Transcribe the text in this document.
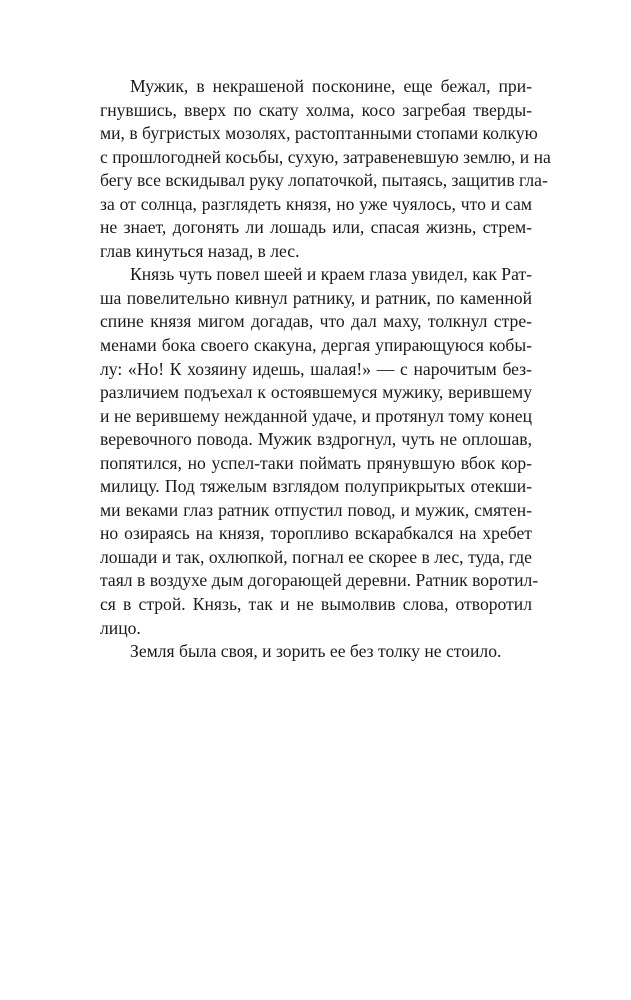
Мужик, в некрашеной посконине, еще бежал, при-
гнувшись, вверх по скату холма, косо загребая тверды-
ми, в бугристых мозолях, растоптанными стопами колкую
с прошлогодней косьбы, сухую, затравеневшую землю, и на
бегу все вскидывал руку лопаточкой, пытаясь, защитив гла-
за от солнца, разглядеть князя, но уже чуялось, что и сам
не знает, догонять ли лошадь или, спасая жизнь, стрем-
глав кинуться назад, в лес.
Князь чуть повел шеей и краем глаза увидел, как Рат-
ша повелительно кивнул ратнику, и ратник, по каменной
спине князя мигом догадав, что дал маху, толкнул стре-
менами бока своего скакуна, дергая упирающуюся кобы-
лу: «Но! К хозяину идешь, шалая!» — с нарочитым без-
различием подъехал к остоявшемуся мужику, верившему
и не верившему нежданной удаче, и протянул тому конец
веревочного повода. Мужик вздрогнул, чуть не оплошав,
попятился, но успел-таки поймать прянувшую вбок кор-
милицу. Под тяжелым взглядом полуприкрытых отекши-
ми веками глаз ратник отпустил повод, и мужик, смятен-
но озираясь на князя, торопливо вскарабкался на хребет
лошади и так, охлюпкой, погнал ее скорее в лес, туда, где
таял в воздухе дым догорающей деревни. Ратник воротил-
ся в строй. Князь, так и не вымолвив слова, отворотил
лицо.
Земля была своя, и зорить ее без толку не стоило.
